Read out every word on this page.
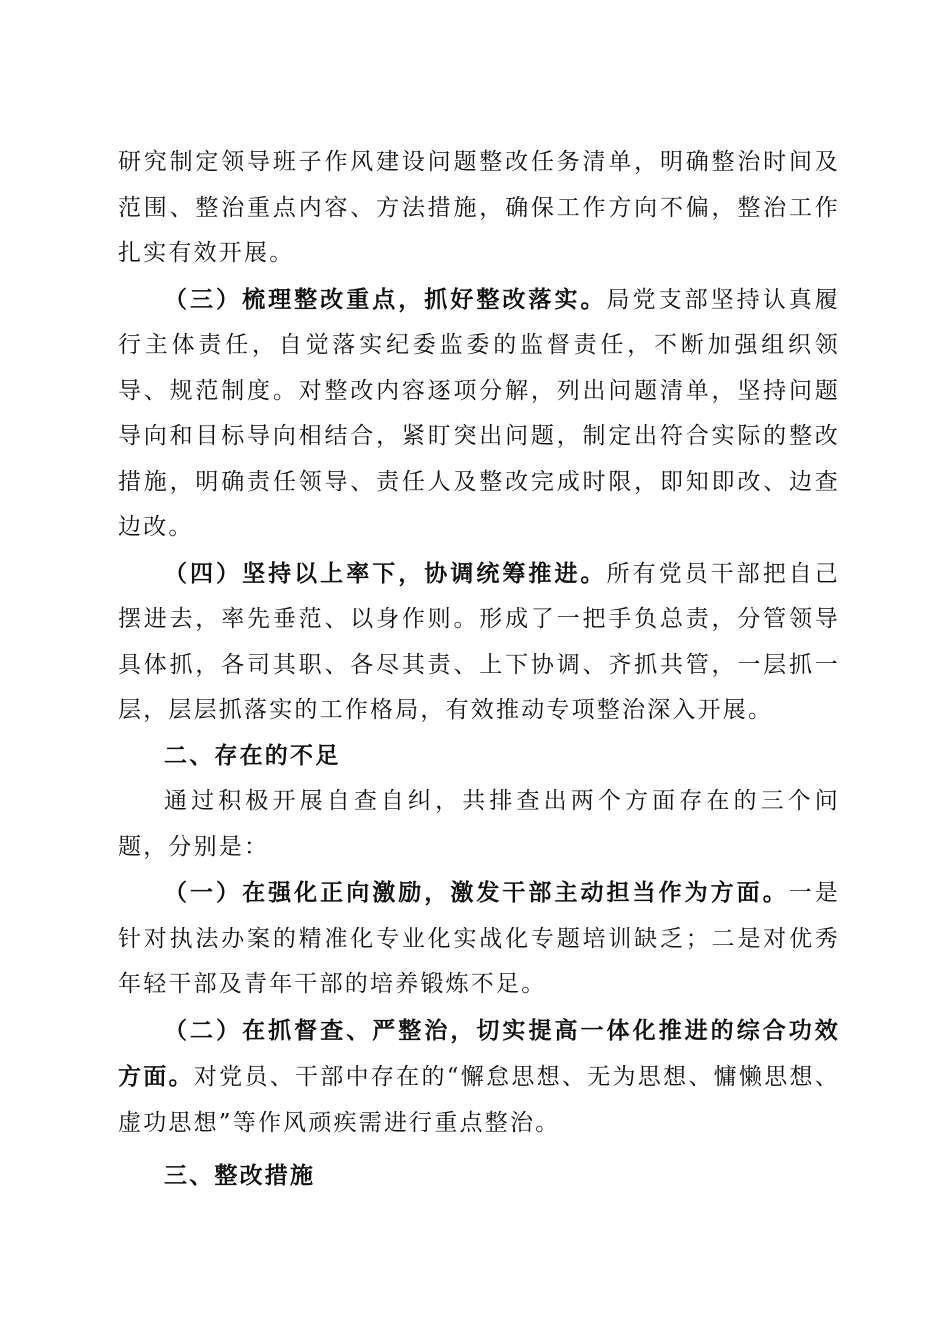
研究制定领导班子作风建设问题整改任务清单，明确整治时间及范围、整治重点内容、方法措施，确保工作方向不偏，整治工作扎实有效开展。

（三）梳理整改重点，抓好整改落实。局党支部坚持认真履行主体责任，自觉落实纪委监委的监督责任，不断加强组织领导、规范制度。对整改内容逐项分解，列出问题清单，坚持问题导向和目标导向相结合，紧盯突出问题，制定出符合实际的整改措施，明确责任领导、责任人及整改完成时限，即知即改、边查边改。

（四）坚持以上率下，协调统筹推进。所有党员干部把自己摆进去，率先垂范、以身作则。形成了一把手负总责，分管领导具体抓，各司其职、各尽其责、上下协调、齐抓共管，一层抓一层，层层抓落实的工作格局，有效推动专项整治深入开展。

二、存在的不足

通过积极开展自查自纠，共排查出两个方面存在的三个问题，分别是：

（一）在强化正向激励，激发干部主动担当作为方面。一是针对执法办案的精准化专业化实战化专题培训缺乏；二是对优秀年轻干部及青年干部的培养锻炼不足。

（二）在抓督查、严整治，切实提高一体化推进的综合功效方面。对党员、干部中存在的“懈怠思想、无为思想、慵懒思想、虚功思想”等作风顽疾需进行重点整治。

三、整改措施
